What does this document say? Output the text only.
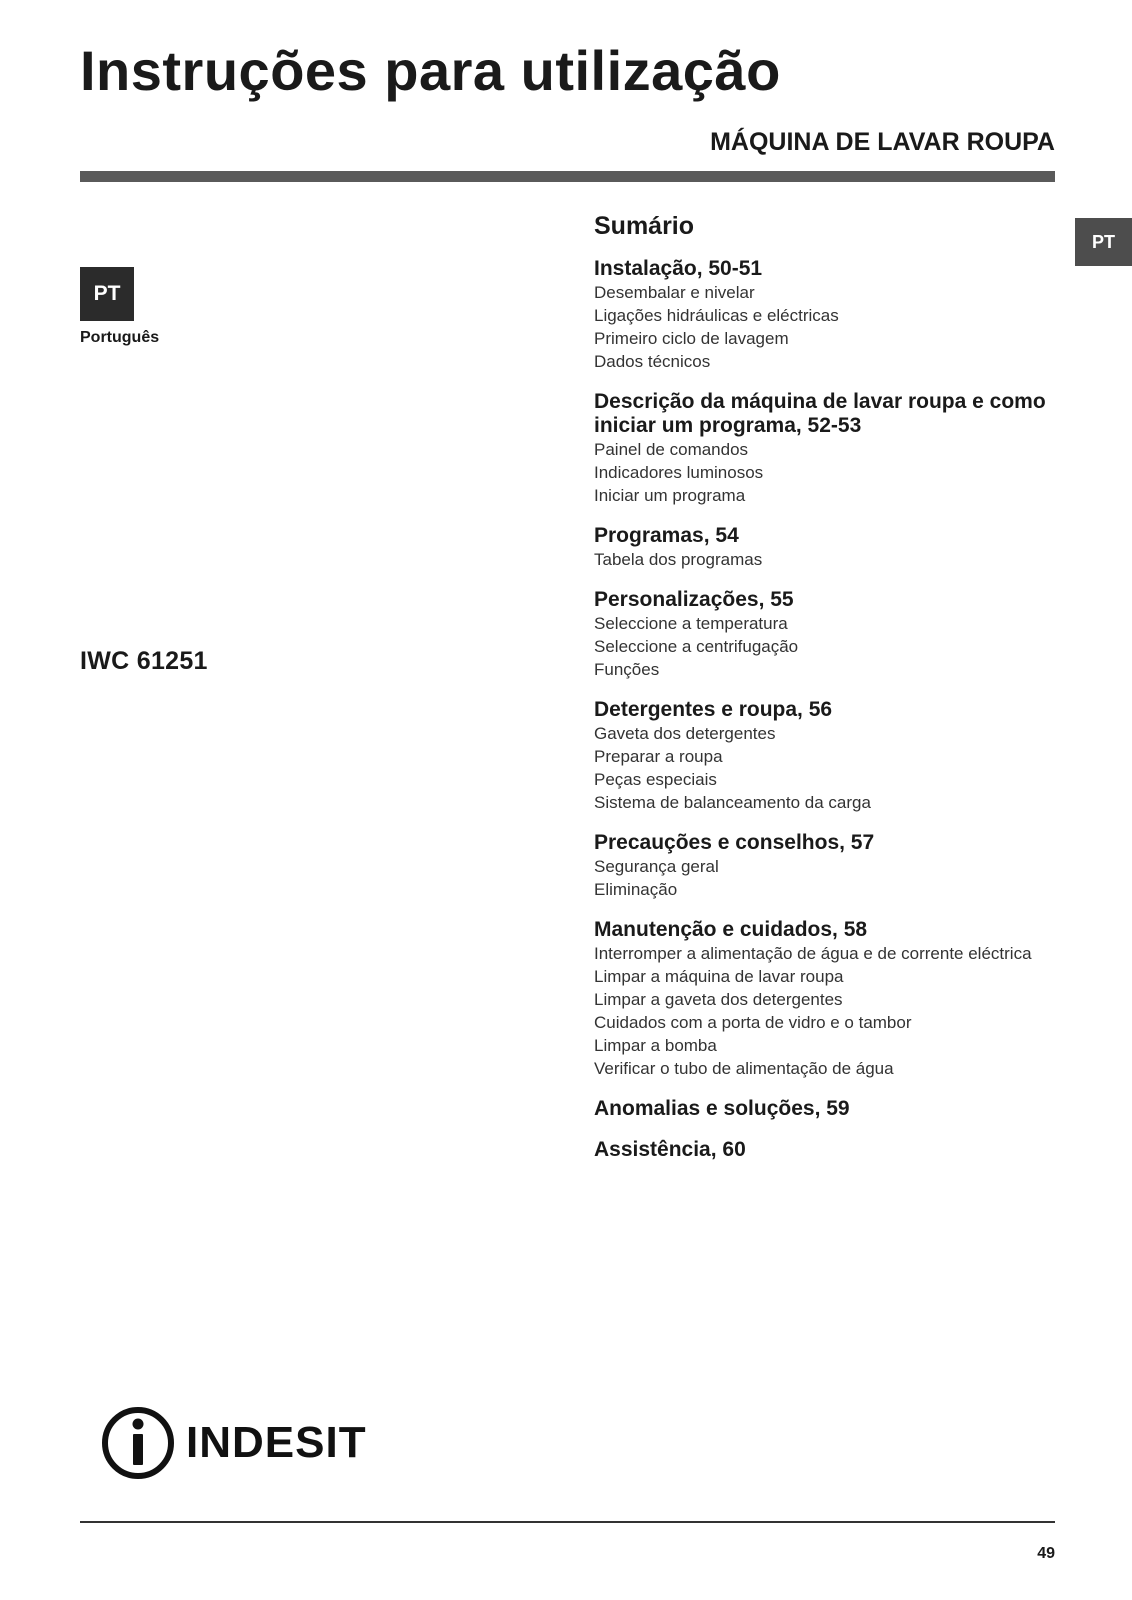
Instruções para utilização
MÁQUINA DE LAVAR ROUPA
PT
PT
Português
IWC 61251
Sumário
Instalação, 50-51
Desembalar e nivelar
Ligações hidráulicas e eléctricas
Primeiro ciclo de lavagem
Dados técnicos
Descrição da máquina de lavar roupa e como iniciar um programa, 52-53
Painel de comandos
Indicadores luminosos
Iniciar um programa
Programas, 54
Tabela dos programas
Personalizações, 55
Seleccione a temperatura
Seleccione a centrifugação
Funções
Detergentes e roupa, 56
Gaveta dos detergentes
Preparar a roupa
Peças especiais
Sistema de balanceamento da carga
Precauções e conselhos, 57
Segurança geral
Eliminação
Manutenção e cuidados, 58
Interromper a alimentação de água e de corrente eléctrica
Limpar a máquina de lavar roupa
Limpar a gaveta dos detergentes
Cuidados com a porta de vidro e o tambor
Limpar a bomba
Verificar o tubo de alimentação de água
Anomalias e soluções, 59
Assistência, 60
INDESIT
49
